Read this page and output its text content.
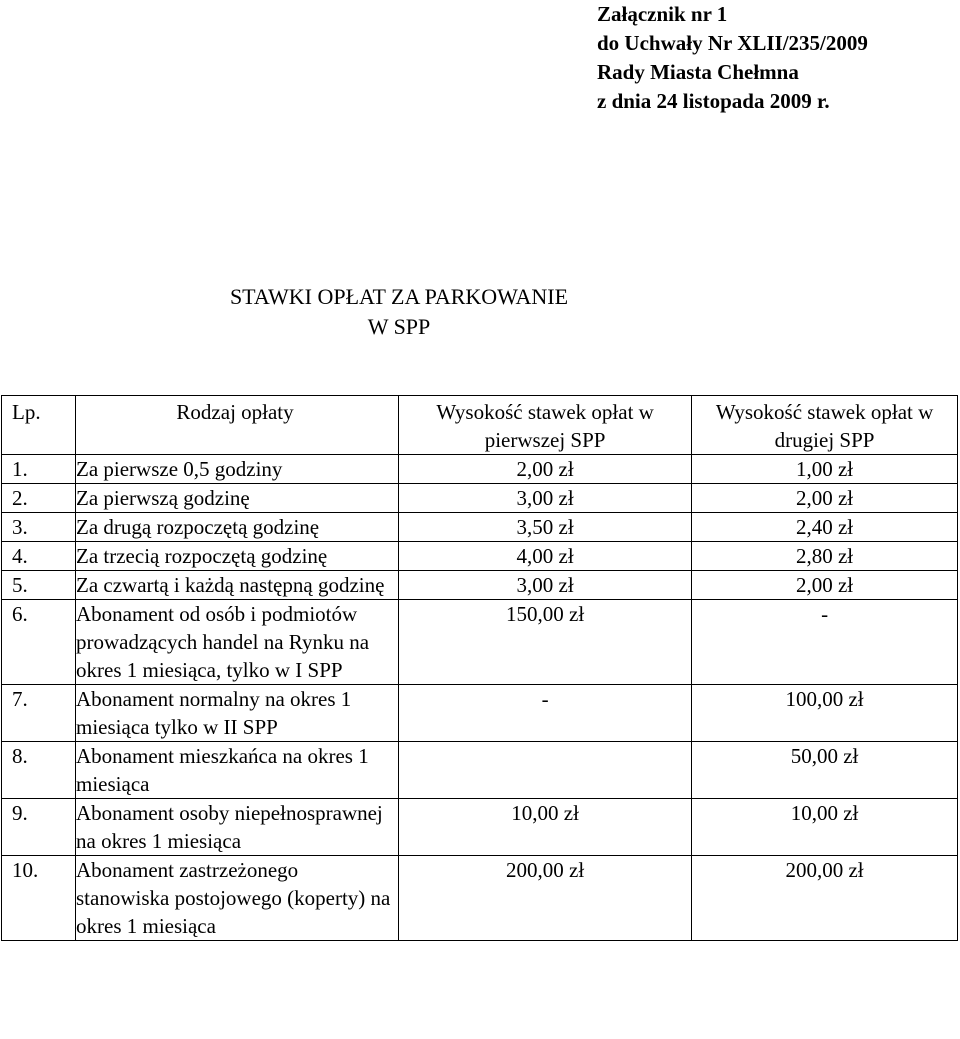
Załącznik nr 1
do Uchwały Nr XLII/235/2009
Rady Miasta Chełmna
z dnia 24 listopada 2009 r.
STAWKI OPŁAT ZA PARKOWANIE
W SPP
Lp.	Rodzaj opłaty	Wysokość stawek opłat w pierwszej SPP	Wysokość stawek opłat w drugiej SPP
1.	Za pierwsze 0,5 godziny	2,00 zł	1,00 zł
2.	Za pierwszą godzinę	3,00 zł	2,00 zł
3.	Za drugą rozpoczętą godzinę	3,50 zł	2,40 zł
4.	Za trzecią rozpoczętą godzinę	4,00 zł	2,80 zł
5.	Za czwartą i każdą następną godzinę	3,00 zł	2,00 zł
6.	Abonament od osób i podmiotów prowadzących handel na Rynku na okres 1 miesiąca, tylko w I SPP	150,00 zł	-
7.	Abonament normalny na okres 1 miesiąca tylko w II SPP	-	100,00 zł
8.	Abonament mieszkańca na okres 1 miesiąca		50,00 zł
9.	Abonament osoby niepełnosprawnej na okres 1 miesiąca	10,00 zł	10,00 zł
10.	Abonament zastrzeżonego stanowiska postojowego (koperty) na okres 1 miesiąca	200,00 zł	200,00 zł
